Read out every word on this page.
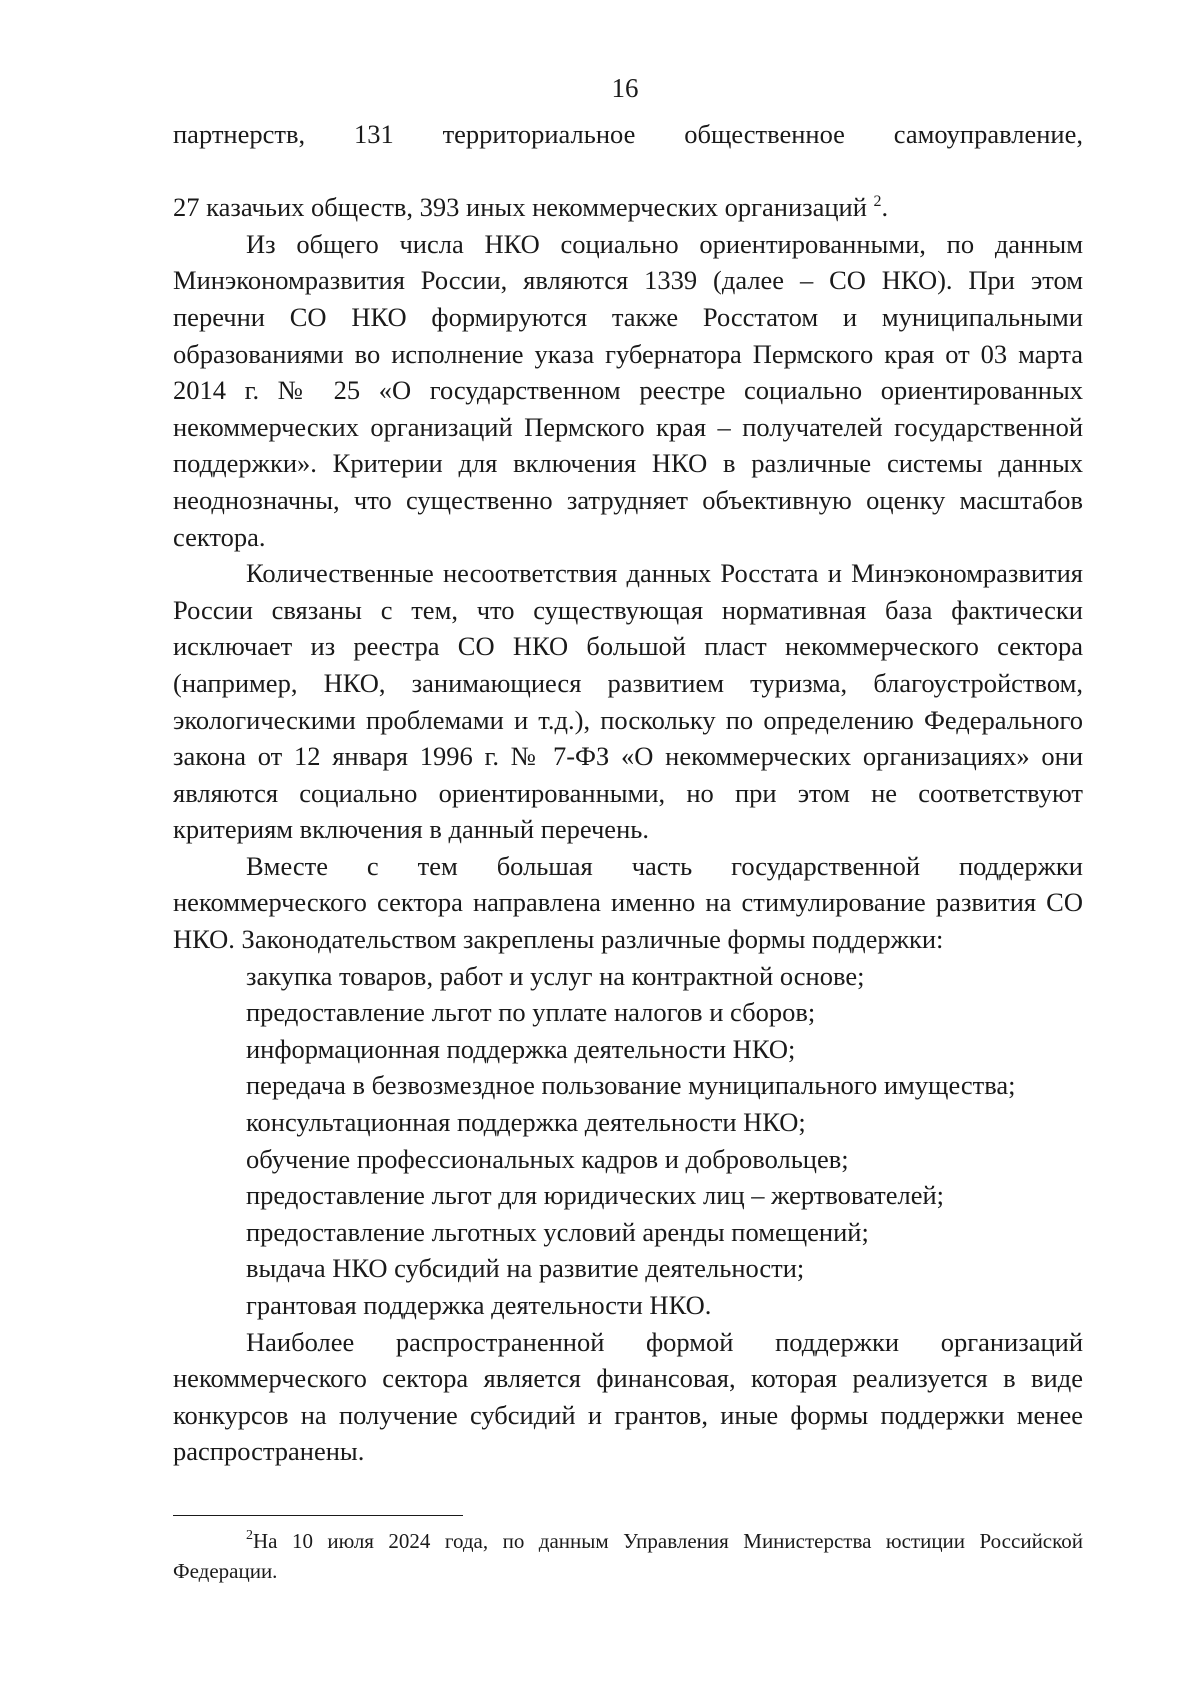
16

партнерств, 131 территориальное общественное самоуправление,

27 казачьих обществ, 393 иных некоммерческих организаций $^2$.

Из общего числа НКО социально ориентированными, по данным Минэкономразвития России, являются 1339 (далее – СО НКО). При этом перечни СО НКО формируются также Росстатом и муниципальными образованиями во исполнение указа губернатора Пермского края от 03 марта 2014 г. № 25 «О государственном реестре социально ориентированных некоммерческих организаций Пермского края – получателей государственной поддержки». Критерии для включения НКО в различные системы данных неоднозначны, что существенно затрудняет объективную оценку масштабов сектора.

Количественные несоответствия данных Росстата и Минэкономразвития России связаны с тем, что существующая нормативная база фактически исключает из реестра СО НКО большой пласт некоммерческого сектора (например, НКО, занимающиеся развитием туризма, благоустройством, экологическими проблемами и т.д.), поскольку по определению Федерального закона от 12 января 1996 г. № 7-ФЗ «О некоммерческих организациях» они являются социально ориентированными, но при этом не соответствуют критериям включения в данный перечень.

Вместе с тем большая часть государственной поддержки некоммерческого сектора направлена именно на стимулирование развития СО НКО. Законодательством закреплены различные формы поддержки:

закупка товаров, работ и услуг на контрактной основе;
предоставление льгот по уплате налогов и сборов;
информационная поддержка деятельности НКО;
передача в безвозмездное пользование муниципального имущества;
консультационная поддержка деятельности НКО;
обучение профессиональных кадров и добровольцев;
предоставление льгот для юридических лиц – жертвователей;
предоставление льготных условий аренды помещений;
выдача НКО субсидий на развитие деятельности;
грантовая поддержка деятельности НКО.

Наиболее распространенной формой поддержки организаций некоммерческого сектора является финансовая, которая реализуется в виде конкурсов на получение субсидий и грантов, иные формы поддержки менее распространены.

$^2$На 10 июля 2024 года, по данным Управления Министерства юстиции Российской Федерации.
